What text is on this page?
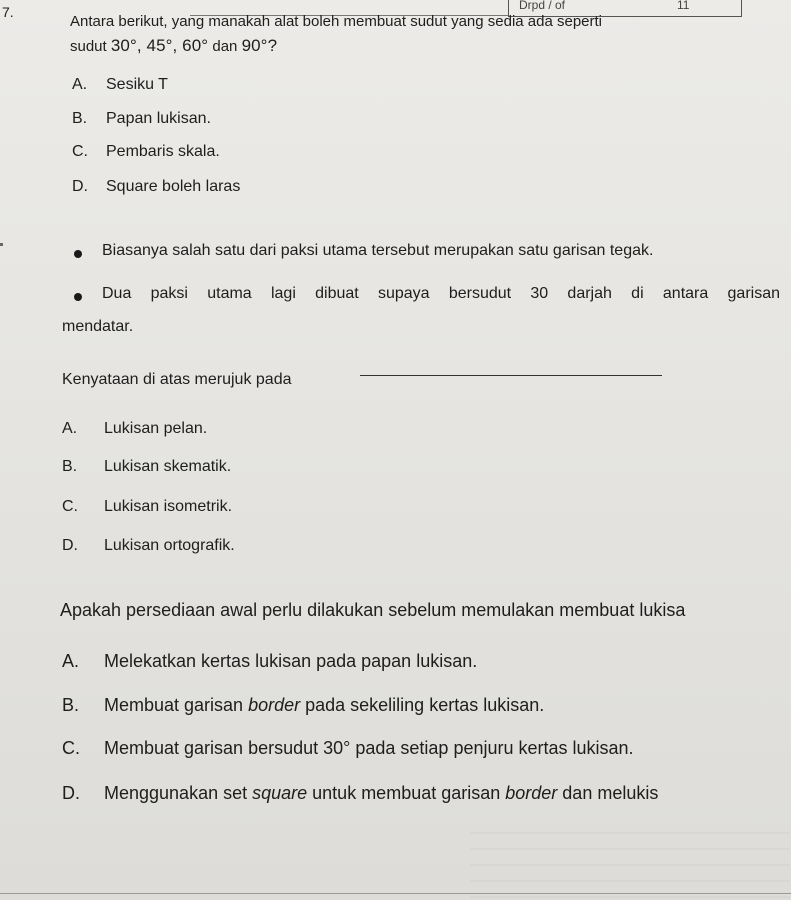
Drpd / of	11
7.
Antara berikut, yang manakah alat boleh membuat sudut yang sedia ada seperti
sudut 30°, 45°, 60° dan 90°?
A. Sesiku T
B. Papan lukisan.
C. Pembaris skala.
D. Square boleh laras
Biasanya salah satu dari paksi utama tersebut merupakan satu garisan tegak.
Dua paksi utama lagi dibuat supaya bersudut 30 darjah di antara garisan
mendatar.
Kenyataan di atas merujuk pada
A. Lukisan pelan.
B. Lukisan skematik.
C. Lukisan isometrik.
D. Lukisan ortografik.
Apakah persediaan awal perlu dilakukan sebelum memulakan membuat lukisa
A. Melekatkan kertas lukisan pada papan lukisan.
B. Membuat garisan border pada sekeliling kertas lukisan.
C. Membuat garisan bersudut 30° pada setiap penjuru kertas lukisan.
D. Menggunakan set square untuk membuat garisan border dan melukis
